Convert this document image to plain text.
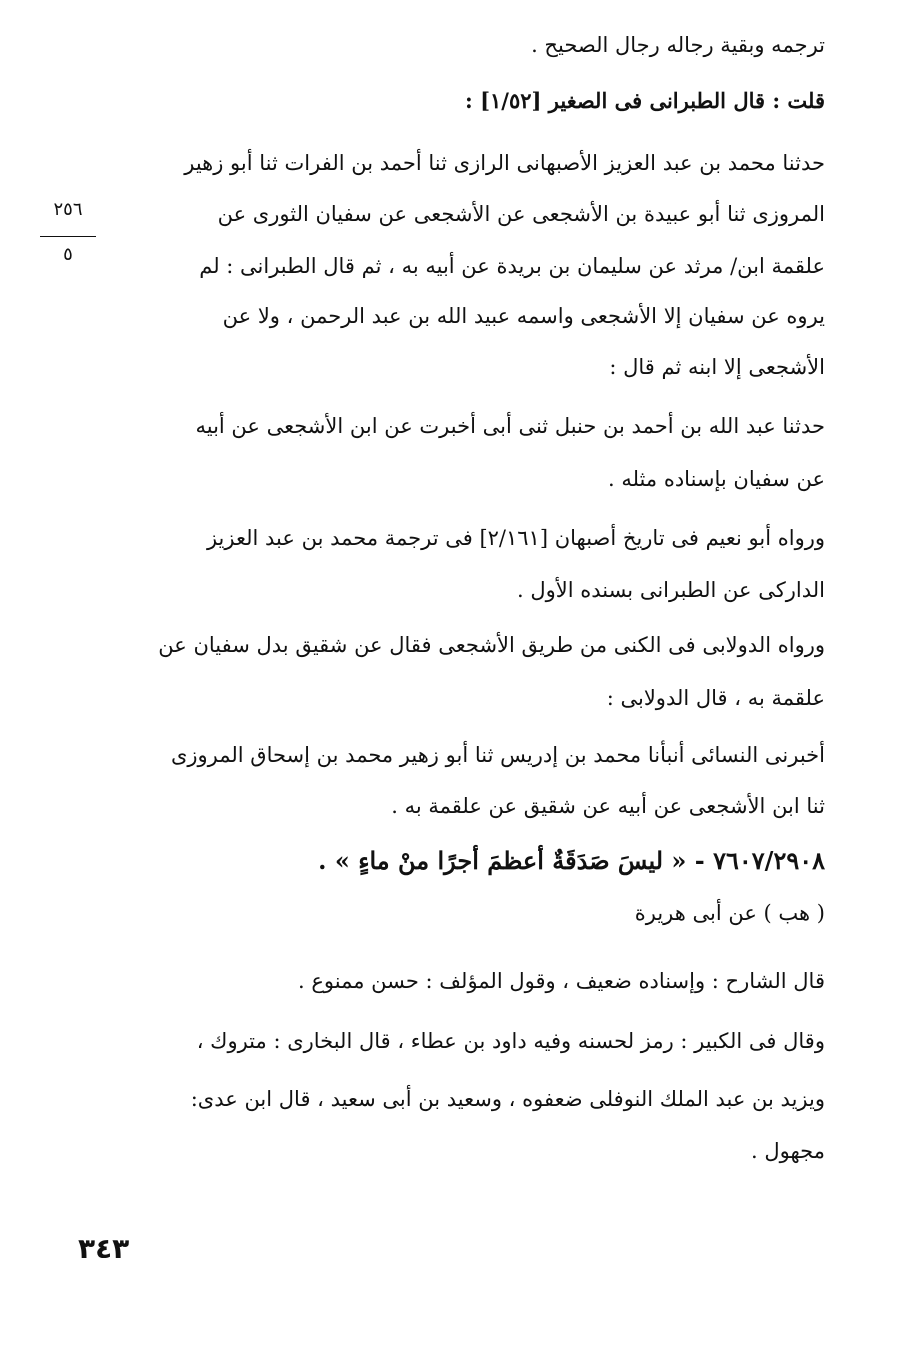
ترجمه وبقية رجاله رجال الصحيح .
قلت : قال الطبرانى فى الصغير [١/٥٢] :
حدثنا محمد بن عبد العزيز الأصبهانى الرازى ثنا أحمد بن الفرات ثنا أبو زهير
المروزى ثنا أبو عبيدة بن الأشجعى عن الأشجعى عن سفيان الثورى عن
علقمة ابن/ مرثد عن سليمان بن بريدة عن أبيه به ، ثم قال الطبرانى : لم
يروه عن سفيان إلا الأشجعى واسمه عبيد الله بن عبد الرحمن ، ولا عن
الأشجعى إلا ابنه ثم قال :
حدثنا عبد الله بن أحمد بن حنبل ثنى أبى أخبرت عن ابن الأشجعى عن أبيه
عن سفيان بإسناده مثله .
ورواه أبو نعيم فى تاريخ أصبهان [٢/١٦١] فى ترجمة محمد بن عبد العزيز
الداركى عن الطبرانى بسنده الأول .
ورواه الدولابى فى الكنى من طريق الأشجعى فقال عن شقيق بدل سفيان عن
علقمة به ، قال الدولابى :
أخبرنى النسائى أنبأنا محمد بن إدريس ثنا أبو زهير محمد بن إسحاق المروزى
ثنا ابن الأشجعى عن أبيه عن شقيق عن علقمة به .
٧٦٠٧/٢٩٠٨ - « ليسَ صَدَقَةٌ أعظمَ أجرًا منْ ماءٍ » .
( هب ) عن أبى هريرة
قال الشارح : وإسناده ضعيف ، وقول المؤلف : حسن ممنوع .
وقال فى الكبير : رمز لحسنه وفيه داود بن عطاء ، قال البخارى : متروك ،
ويزيد بن عبد الملك النوفلى ضعفوه ، وسعيد بن أبى سعيد ، قال ابن عدى:
مجهول .
٢٥٦
٥
٣٤٣
